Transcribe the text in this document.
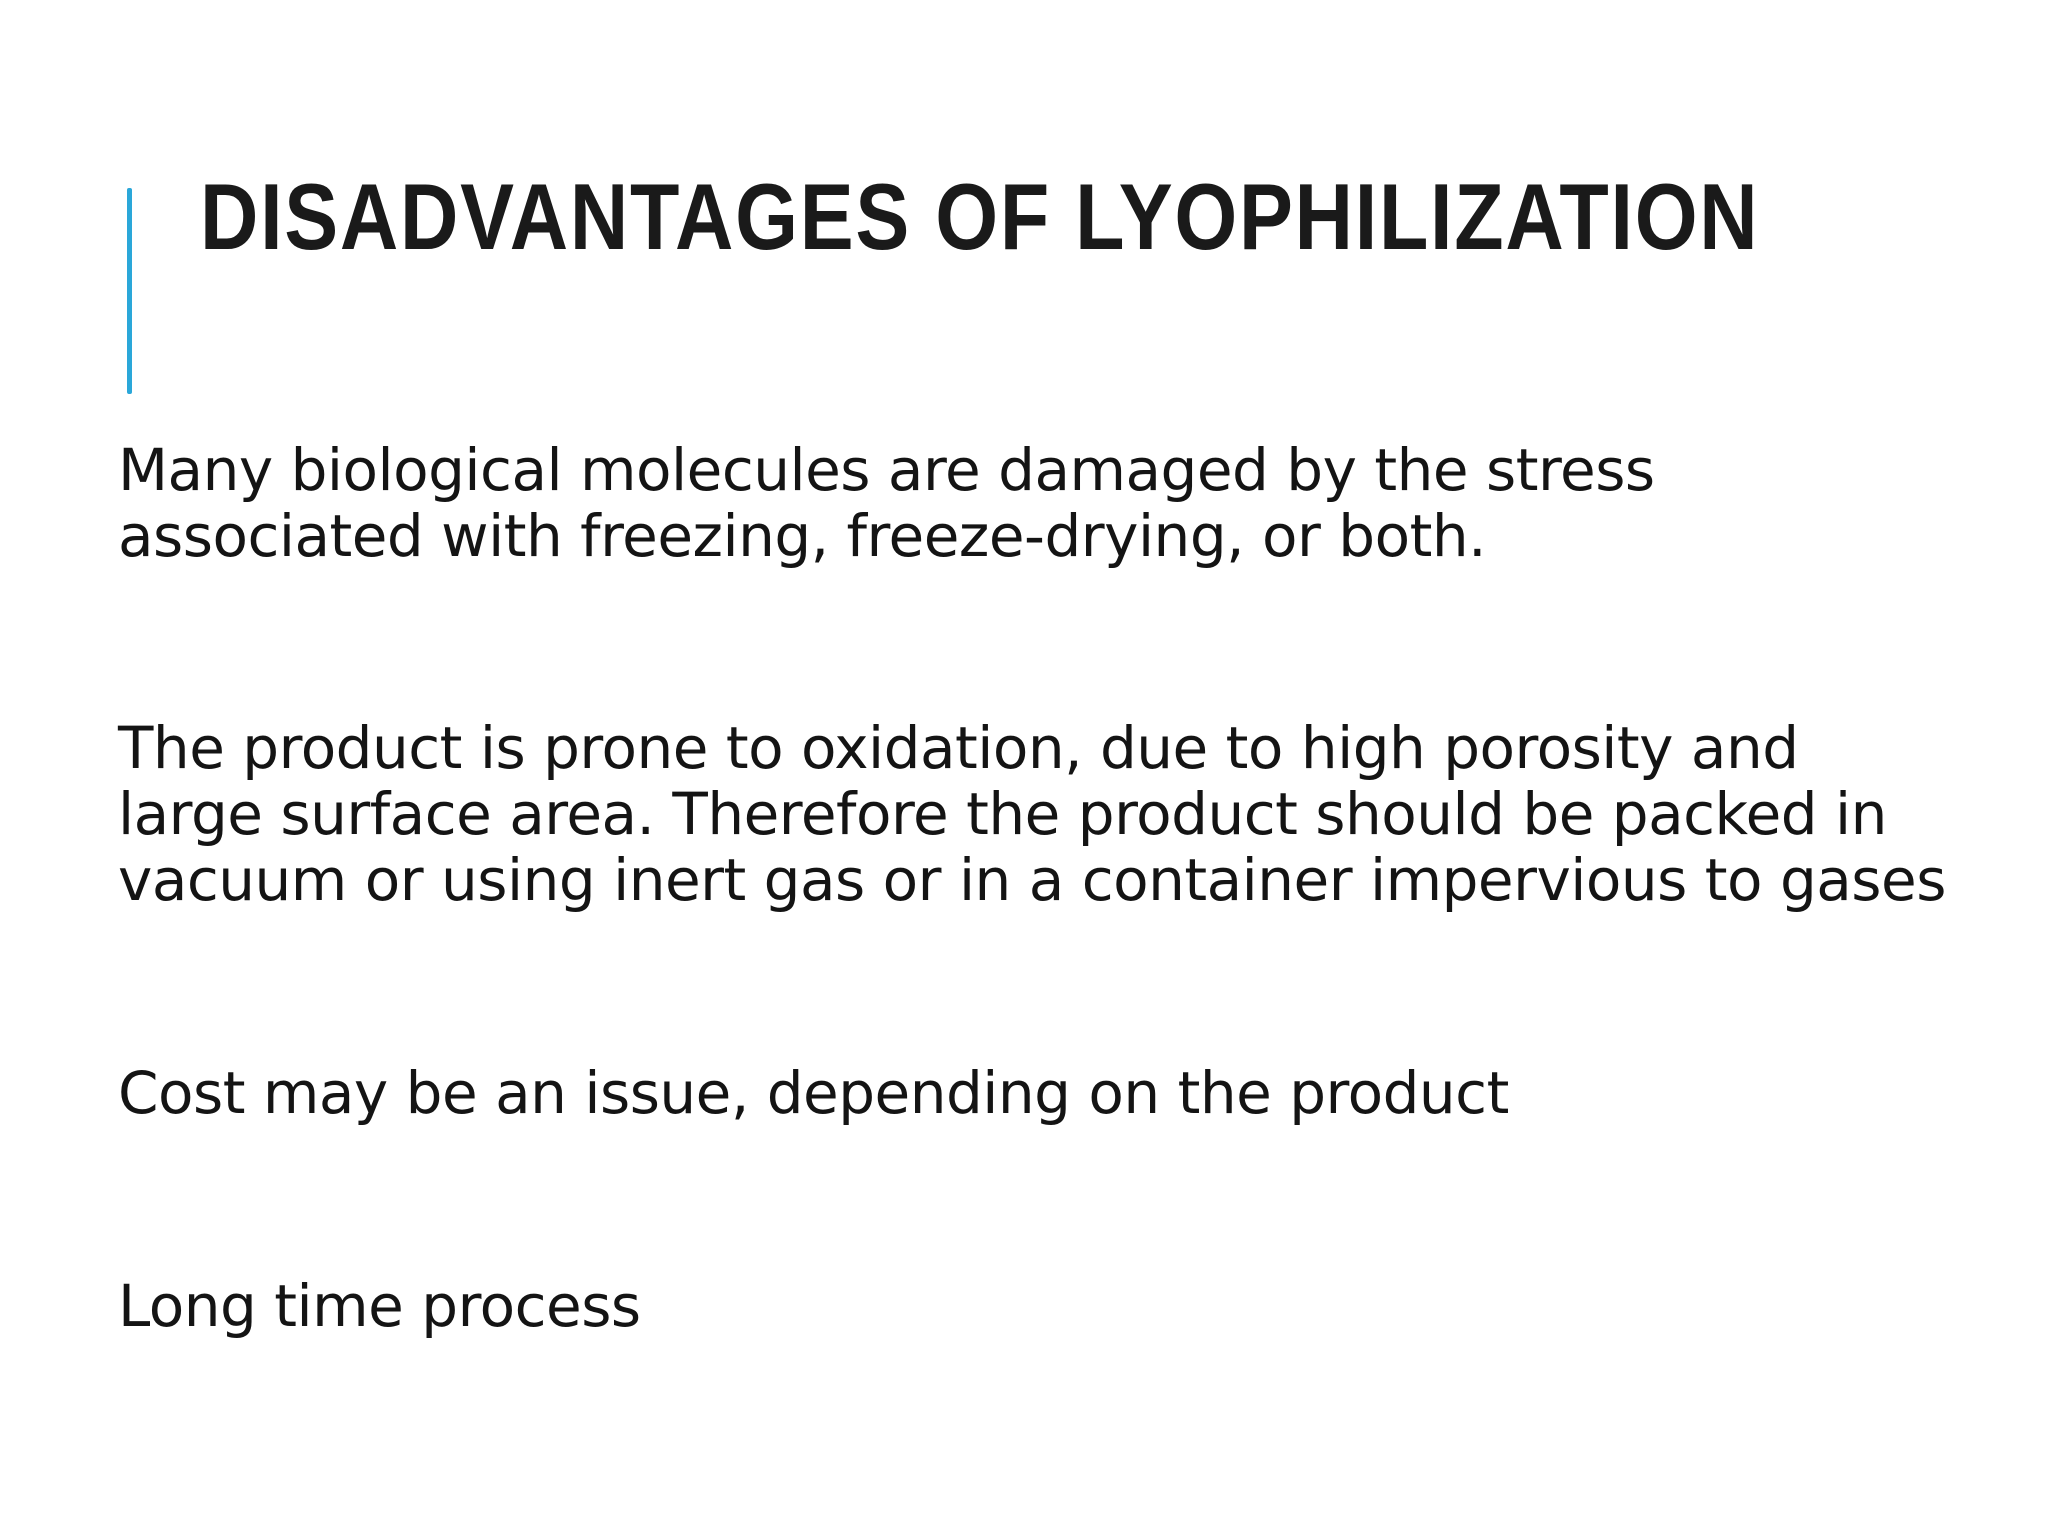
DISADVANTAGES OF LYOPHILIZATION

Many biological molecules are damaged by the stress associated with freezing, freeze-drying, or both.

The product is prone to oxidation, due to high porosity and large surface area. Therefore the product should be packed in vacuum or using inert gas or in a container impervious to gases

Cost may be an issue, depending on the product

Long time process
